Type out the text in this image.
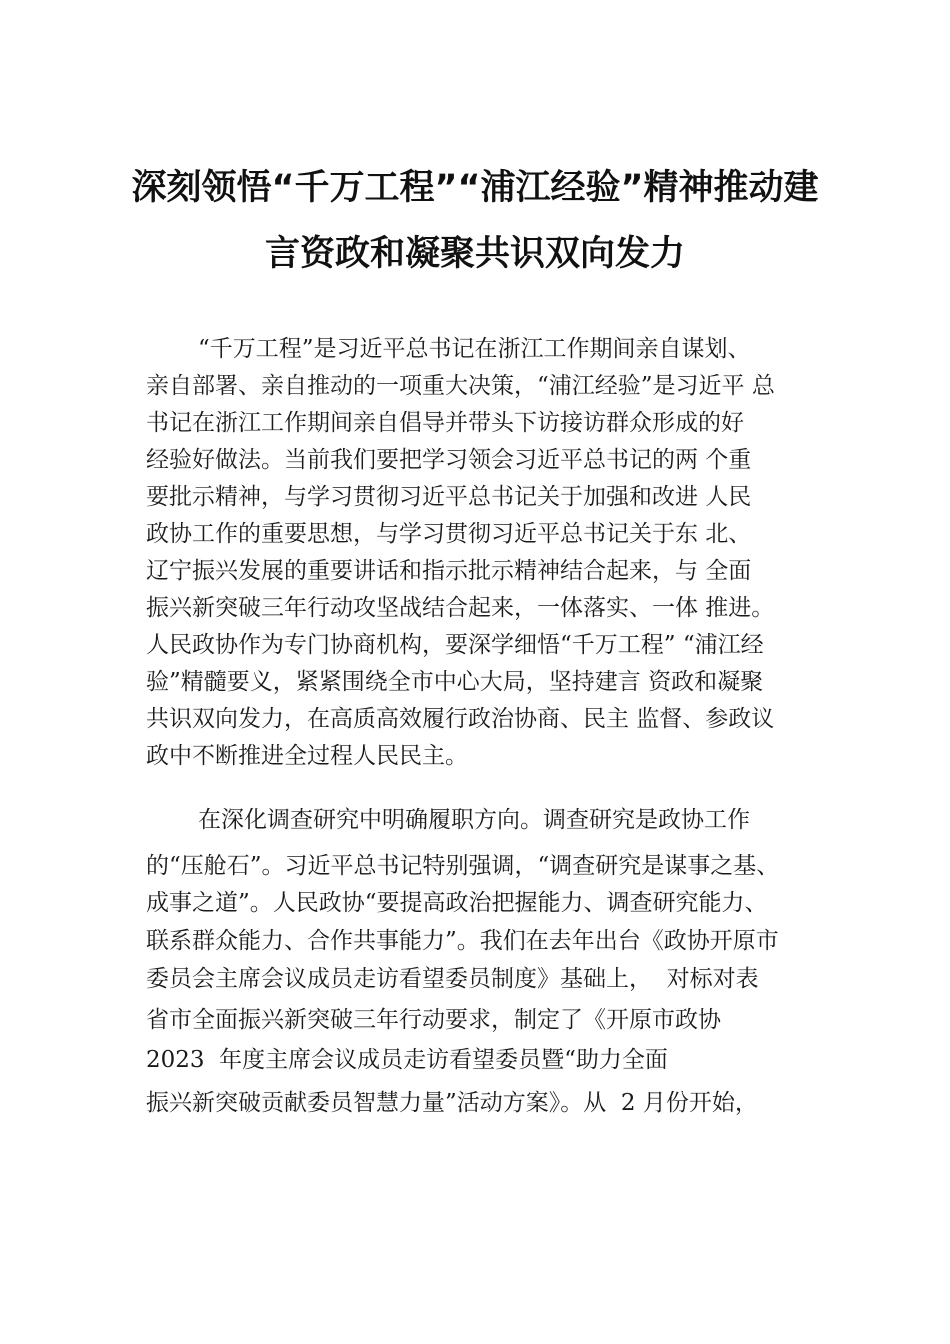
深刻领悟“千万工程”“浦江经验”精神推动建
言资政和凝聚共识双向发力
“千万工程”是习近平总书记在浙江工作期间亲自谋划、
亲自部署、亲自推动的一项重大决策，“浦江经验”是习近平 总
书记在浙江工作期间亲自倡导并带头下访接访群众形成的好
经验好做法。当前我们要把学习领会习近平总书记的两 个重
要批示精神，与学习贯彻习近平总书记关于加强和改进 人民
政协工作的重要思想，与学习贯彻习近平总书记关于东 北、
辽宁振兴发展的重要讲话和指示批示精神结合起来，与 全面
振兴新突破三年行动攻坚战结合起来，一体落实、一体 推进。
人民政协作为专门协商机构，要深学细悟“千万工程” “浦江经
验”精髓要义，紧紧围绕全市中心大局，坚持建言 资政和凝聚
共识双向发力，在高质高效履行政治协商、民主 监督、参政议
政中不断推进全过程人民民主。
在深化调查研究中明确履职方向。调查研究是政协工作
的“压舱石”。习近平总书记特别强调，“调查研究是谋事之基、
成事之道”。人民政协“要提高政治把握能力、调查研究能力、
联系群众能力、合作共事能力”。我们在去年出台《政协开原市
委员会主席会议成员走访看望委员制度》基础上，  对标对表
省市全面振兴新突破三年行动要求，制定了《开原市政协
2023  年度主席会议成员走访看望委员暨“助力全面
振兴新突破贡献委员智慧力量”活动方案》。从  2 月份开始，
